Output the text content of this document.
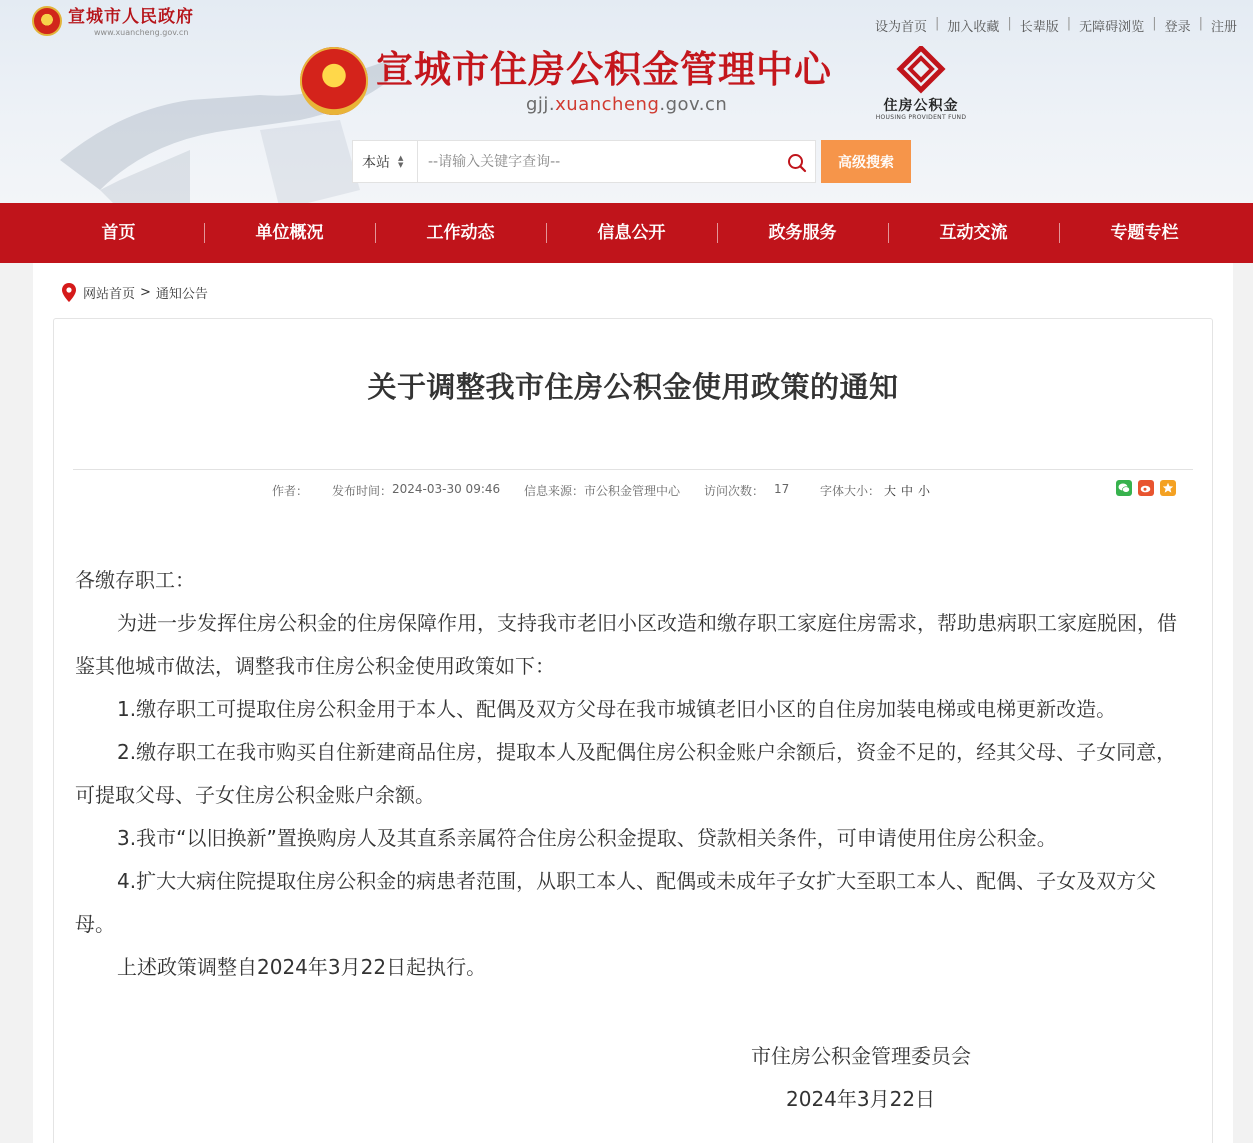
宣城市人民政府
www.xuancheng.gov.cn	设为首页 | 加入收藏 | 长辈版 | 无障碍浏览 | 登录 | 注册
宣城市住房公积金管理中心
gjj.xuancheng.gov.cn	住房公积金
HOUSING PROVIDENT FUND
本站 ▲
▼
--请输入关键字查询--	高级搜索
首页	单位概况	工作动态	信息公开	政务服务	互动交流	专题专栏
网站首页 > 通知公告
关于调整我市住房公积金使用政策的通知
作者： 发布时间： 2024-03-30 09:46 信息来源： 市公积金管理中心 访问次数： 17	字体大小： 大 中 小

各缴存职工：

为进一步发挥住房公积金的住房保障作用，支持我市老旧小区改造和缴存职工家庭住房需求，帮助患病职工家庭脱困，借鉴其他城市做法，调整我市住房公积金使用政策如下：

1.缴存职工可提取住房公积金用于本人、配偶及双方父母在我市城镇老旧小区的自住房加装电梯或电梯更新改造。

2.缴存职工在我市购买自住新建商品住房，提取本人及配偶住房公积金账户余额后，资金不足的，经其父母、子女同意，可提取父母、子女住房公积金账户余额。

3.我市“以旧换新”置换购房人及其直系亲属符合住房公积金提取、贷款相关条件，可申请使用住房公积金。

4.扩大大病住院提取住房公积金的病患者范围，从职工本人、配偶或未成年子女扩大至职工本人、配偶、子女及双方父母。

上述政策调整自2024年3月22日起执行。

市住房公积金管理委员会
2024年3月22日
